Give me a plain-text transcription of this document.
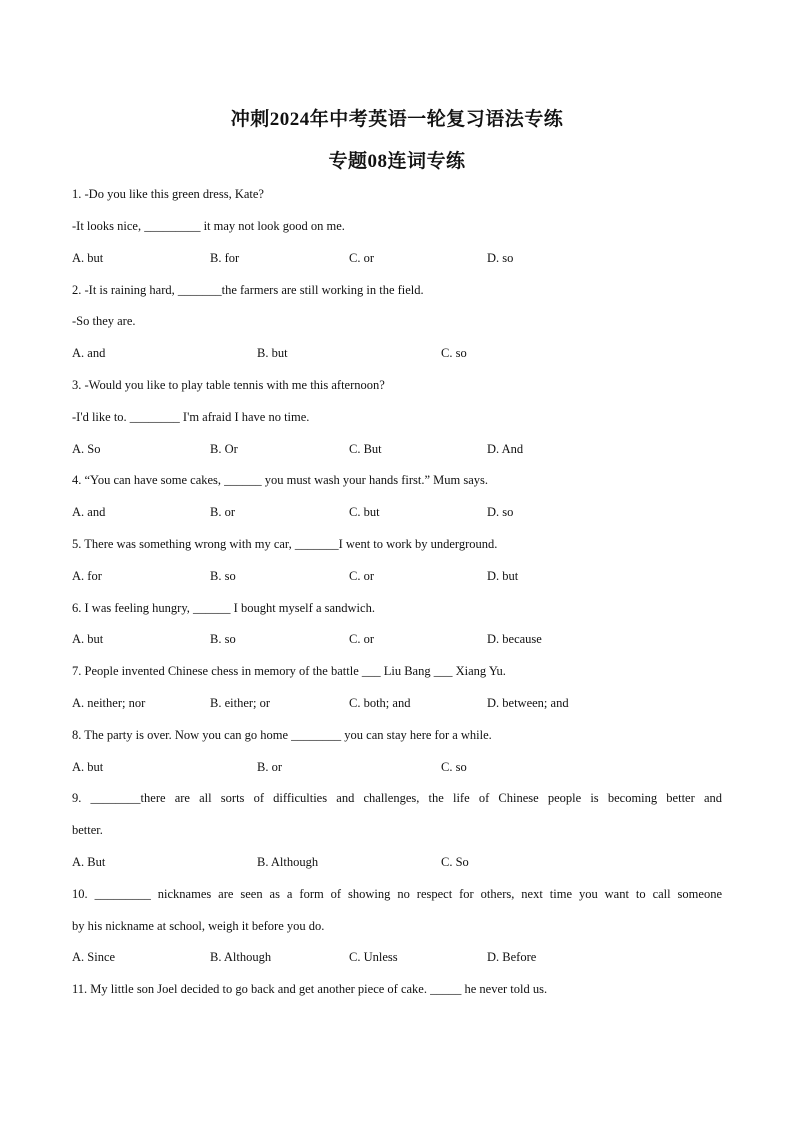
冲刺2024年中考英语一轮复习语法专练
专题08连词专练
1. -Do you like this green dress, Kate?
-It looks nice, _________ it may not look good on me.
A. but	B. for	C. or	D. so
2. -It is raining hard, _______the farmers are still working in the field.
-So they are.
A. and	B. but	C. so
3. -Would you like to play table tennis with me this afternoon?
-I'd like to. ________ I'm afraid I have no time.
A. So	B. Or	C. But	D. And
4. “You can have some cakes, ______ you must wash your hands first.” Mum says.
A. and	B. or	C. but	D. so
5. There was something wrong with my car, _______I went to work by underground.
A. for	B. so	C. or	D. but
6. I was feeling hungry, ______ I bought myself a sandwich.
A. but	B. so	C. or	D. because
7. People invented Chinese chess in memory of the battle ___ Liu Bang ___ Xiang Yu.
A. neither; nor	B. either; or	C. both; and	D. between; and
8. The party is over. Now you can go home ________ you can stay here for a while.
A. but	B. or	C. so
9. ________there are all sorts of difficulties and challenges, the life of Chinese people is becoming better and
better.
A. But	B. Although	C. So
10. _________ nicknames are seen as a form of showing no respect for others, next time you want to call someone
by his nickname at school, weigh it before you do.
A. Since	B. Although	C. Unless	D. Before
11. My little son Joel decided to go back and get another piece of cake. _____ he never told us.
